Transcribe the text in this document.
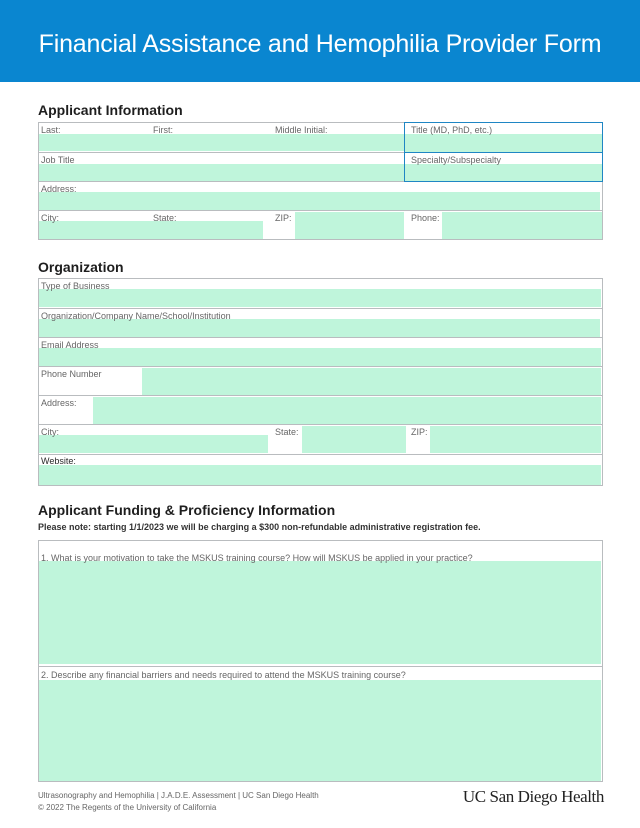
Financial Assistance and Hemophilia Provider Form
Applicant Information
Last:	First:	Middle Initial:	Title (MD, PhD, etc.)
Job Title	Specialty/Subspecialty
Address:
City:	State:	ZIP:	Phone:
Organization
Type of Business
Organization/Company Name/School/Institution
Email Address
Phone Number
Address:
City:	State:	ZIP:
Website:
Applicant Funding & Proficiency Information
Please note: starting 1/1/2023 we will be charging a $300 non-refundable administrative registration fee.
1. What is your motivation to take the MSKUS training course? How will MSKUS be applied in your practice?
2. Describe any financial barriers and needs required to attend the MSKUS training course?
Ultrasonography and Hemophilia | J.A.D.E. Assessment | UC San Diego Health
© 2022 The Regents of the University of California
UC San Diego Health
